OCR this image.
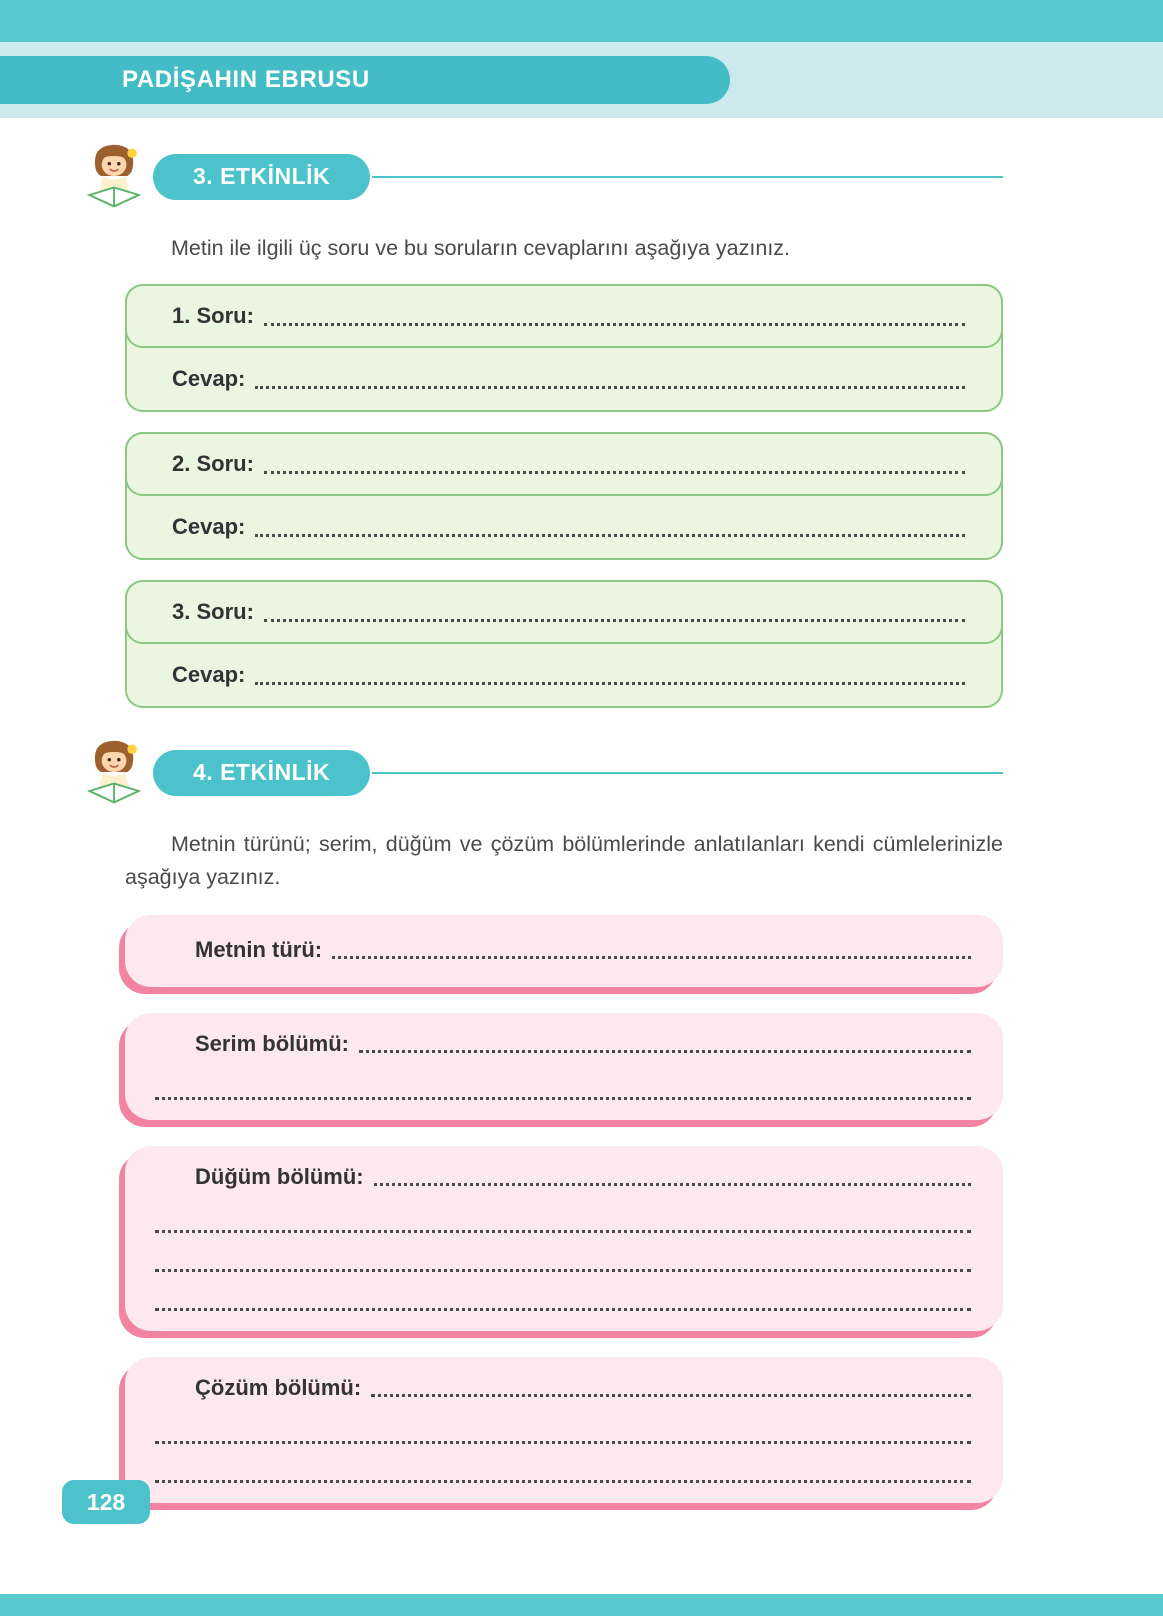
PADİŞAHIN EBRUSU
3. ETKİNLİK

Metin ile ilgili üç soru ve bu soruların cevaplarını aşağıya yazınız.

1. Soru:
Cevap:
2. Soru:
Cevap:
3. Soru:
Cevap:
4. ETKİNLİK

Metnin türünü; serim, düğüm ve çözüm bölümlerinde anlatılanları kendi cümlelerinizle aşağıya yazınız.

Metnin türü:
Serim bölümü:
Düğüm bölümü:
Çözüm bölümü:
128
